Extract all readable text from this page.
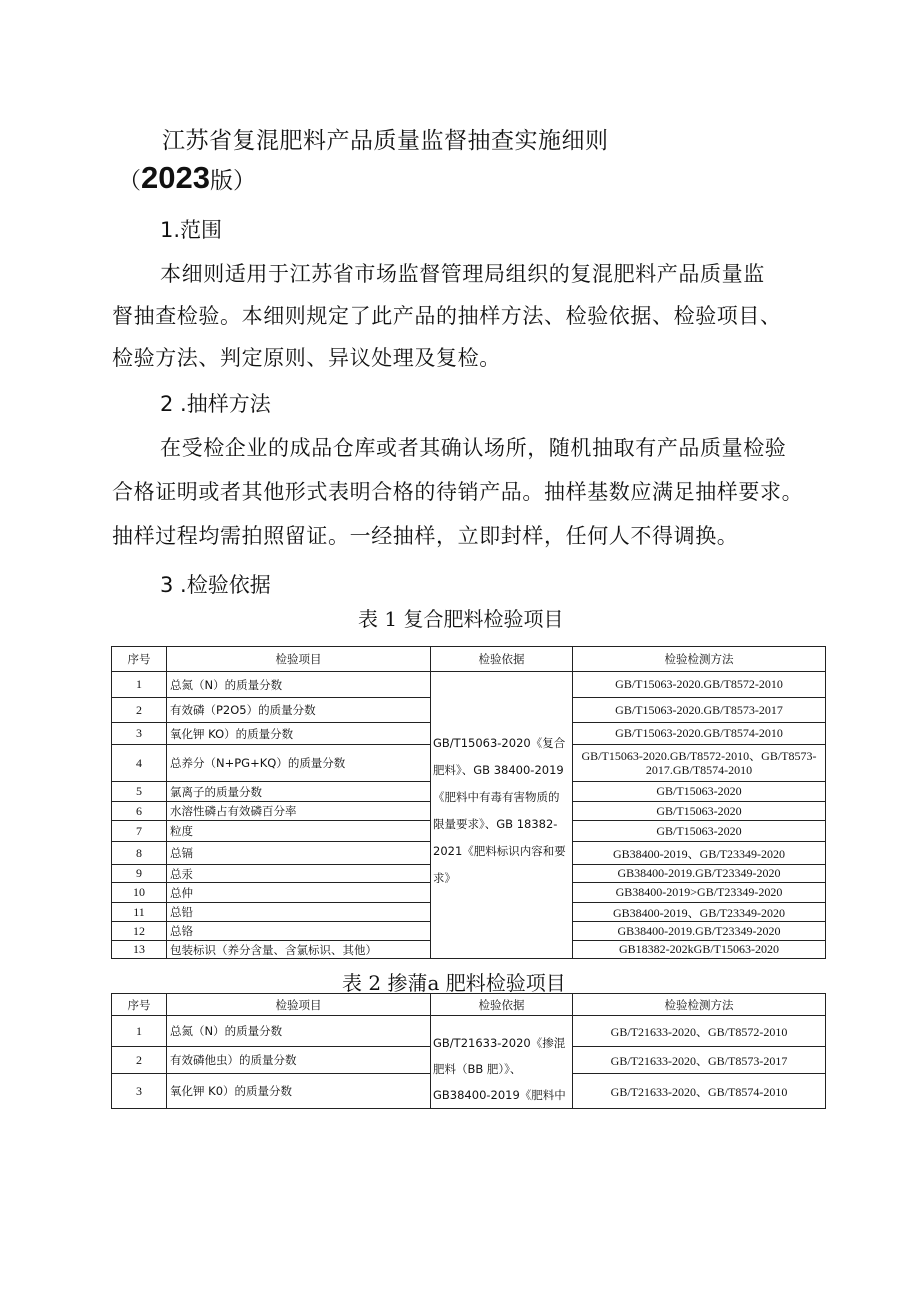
江苏省复混肥料产品质量监督抽查实施细则
（2023版）
1.范围
本细则适用于江苏省市场监督管理局组织的复混肥料产品质量监
督抽查检验。本细则规定了此产品的抽样方法、检验依据、检验项目、
检验方法、判定原则、异议处理及复检。
2 .抽样方法
在受检企业的成品仓库或者其确认场所，随机抽取有产品质量检验
合格证明或者其他形式表明合格的待销产品。抽样基数应满足抽样要求。
抽样过程均需拍照留证。一经抽样，立即封样，任何人不得调换。
3 .检验依据
表 1 复合肥料检验项目
序号	检验项目	检验依据	检验检测方法
1	总氮（N）的质量分数	GB/T15063-2020《复合肥料》、GB 38400-2019《肥料中有毒有害物质的限量要求》、GB 18382-2021《肥料标识内容和要求》	GB/T15063-2020.GB/T8572-2010
2	有效磷（P2O5）的质量分数		GB/T15063-2020.GB/T8573-2017
3	氧化钾 KO）的质量分数		GB/T15063-2020.GB/T8574-2010
4	总养分（N+PG+KQ）的质量分数		GB/T15063-2020.GB/T8572-2010、GB/T8573-2017.GB/T8574-2010
5	氯离子的质量分数		GB/T15063-2020
6	水溶性磷占有效磷百分率		GB/T15063-2020
7	粒度		GB/T15063-2020
8	总镉		GB38400-2019、GB/T23349-2020
9	总汞		GB38400-2019.GB/T23349-2020
10	总仲		GB38400-2019>GB/T23349-2020
11	总铅		GB38400-2019、GB/T23349-2020
12	总铬		GB38400-2019.GB/T23349-2020
13	包装标识（养分含量、含氯标识、其他）		GB18382-202kGB/T15063-2020
表 2 掺蒲a 肥料检验项目
序号	检验项目	检验依据	检验检测方法
1	总氮（N）的质量分数	GB/T21633-2020《掺混肥料（BB 肥）》、GB38400-2019《肥料中	GB/T21633-2020、GB/T8572-2010
2	有效磷他虫）的质量分数		GB/T21633-2020、GB/T8573-2017
3	氧化钾 K0）的质量分数		GB/T21633-2020、GB/T8574-2010
